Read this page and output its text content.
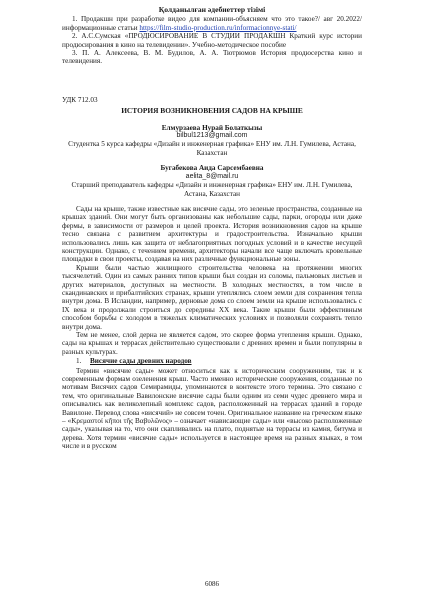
Қолданылған әдебиеттер тізімі

1. Продакшн при разработке видео для компании-объясняем что это такое?/ авг 20.2022/ информационные статьи https://film-studio-production.ru/informacionnye-stati/

2. А.С.Сумская «ПРОДЮСИРОВАНИЕ В СТУДИИ ПРОДАКШН Краткий курс истории продюсирования в кино на телевидении». Учебно-методическое пособие

3. П. А. Алексеева, В. М. Будилов, А. А. Тютрюмов История продюсерства кино и телевидения.

УДК 712.03

ИСТОРИЯ ВОЗНИКНОВЕНИЯ САДОВ НА КРЫШЕ

Елмурзаева Нурай Болаткызы

bilbul1213@gmail.com

Студентка 5 курса кафедры «Дизайн и инженерная графика» ЕНУ им. Л.Н. Гумилева, Астана, Казахстан

Бугабекова Аида Сарсембаевна

aelita_8@mail.ru

Старший преподаватель кафедры «Дизайн и инженерная графика» ЕНУ им. Л.Н. Гумилева, Астана, Казахстан

Сады на крыше, также известные как висячие сады, это зеленые пространства, созданные на крышах зданий. Они могут быть организованы как небольшие сады, парки, огороды или даже фермы, в зависимости от размеров и целей проекта. История возникновения садов на крыше тесно связана с развитием архитектуры и градостроительства. Изначально крыши использовались лишь как защита от неблагоприятных погодных условий и в качестве несущей конструкции. Однако, с течением времени, архитекторы начали все чаще включать кровельные площадки в свои проекты, создавая на них различные функциональные зоны.

Крыши были частью жилищного строительства человека на протяжении многих тысячелетий. Один из самых ранних типов крыши был создан из соломы, пальмовых листьев и других материалов, доступных на местности. В холодных местностях, в том числе в скандинавских и прибалтийских странах, крыши утеплялись слоем земли для сохранения тепла внутри дома. В Исландии, например, дерновые дома со слоем земли на крыше использовались с IX века и продолжали строиться до середины XX века. Такие крыши были эффективным способом борьбы с холодом в тяжелых климатических условиях и позволяли сохранять тепло внутри дома.

Тем не менее, слой дерна не является садом, это скорее форма утепления крыши. Однако, сады на крышах и террасах действительно существовали с древних времен и были популярны в разных культурах.

1. Висячие сады древних народов

Термин «висячие сады» может относиться как к историческим сооружениям, так и к современным формам озеленения крыш. Часто именно исторические сооружения, созданные по мотивам Висячих садов Семирамиды, упоминаются в контексте этого термина. Это связано с тем, что оригинальные Вавилонские висячие сады были одним из семи чудес древнего мира и описывались как великолепный комплекс садов, расположенный на террасах зданий в городе Вавилоне. Перевод слова «висячий» не совсем точен. Оригинальное название на греческом языке – «Κρεμαστοί κῆποι τῆς Βαβυλῶνος» – означает «нависающие сады» или «высоко расположенные сады», указывая на то, что они скапливались на плато, поднятые на террасы из камня, битума и дерева. Хотя термин «висячие сады» используется в настоящее время на разных языках, в том числе и в русском

6086
